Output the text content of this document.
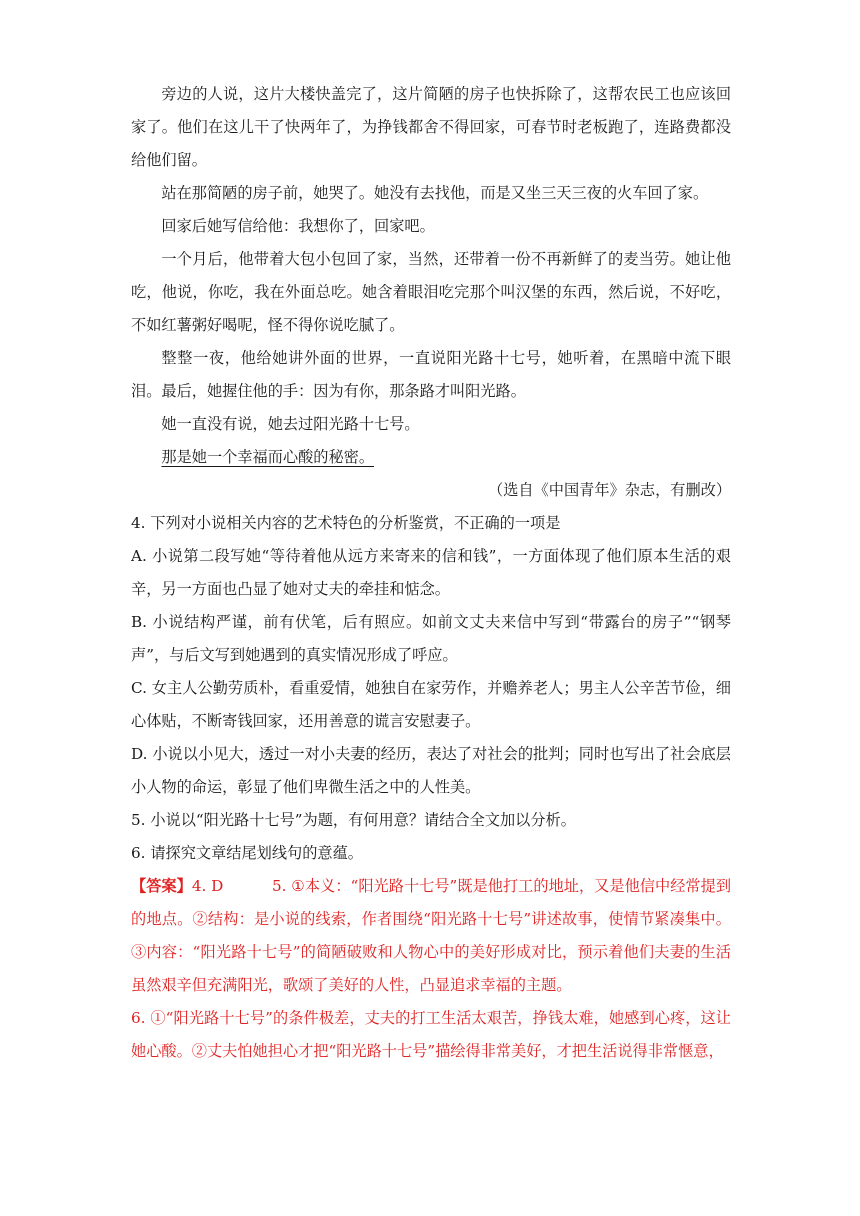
旁边的人说，这片大楼快盖完了，这片简陋的房子也快拆除了，这帮农民工也应该回家了。他们在这儿干了快两年了，为挣钱都舍不得回家，可春节时老板跑了，连路费都没给他们留。

站在那简陋的房子前，她哭了。她没有去找他，而是又坐三天三夜的火车回了家。

回家后她写信给他：我想你了，回家吧。

一个月后，他带着大包小包回了家，当然，还带着一份不再新鲜了的麦当劳。她让他吃，他说，你吃，我在外面总吃。她含着眼泪吃完那个叫汉堡的东西，然后说，不好吃，不如红薯粥好喝呢，怪不得你说吃腻了。

整整一夜，他给她讲外面的世界，一直说阳光路十七号，她听着，在黑暗中流下眼泪。最后，她握住他的手：因为有你，那条路才叫阳光路。

她一直没有说，她去过阳光路十七号。

那是她一个幸福而心酸的秘密。

（选自《中国青年》杂志，有删改）

4. 下列对小说相关内容的艺术特色的分析鉴赏，不正确的一项是

A. 小说第二段写她“等待着他从远方来寄来的信和钱”，一方面体现了他们原本生活的艰辛，另一方面也凸显了她对丈夫的牵挂和惦念。

B. 小说结构严谨，前有伏笔，后有照应。如前文丈夫来信中写到“带露台的房子”“钢琴声”，与后文写到她遇到的真实情况形成了呼应。

C. 女主人公勤劳质朴，看重爱情，她独自在家劳作，并赡养老人；男主人公辛苦节俭，细心体贴，不断寄钱回家，还用善意的谎言安慰妻子。

D. 小说以小见大，透过一对小夫妻的经历，表达了对社会的批判；同时也写出了社会底层小人物的命运，彰显了他们卑微生活之中的人性美。

5. 小说以“阳光路十七号”为题，有何用意？请结合全文加以分析。

6. 请探究文章结尾划线句的意蕴。

【答案】4. D	5. ①本义：“阳光路十七号”既是他打工的地址，又是他信中经常提到的地点。②结构：是小说的线索，作者围绕“阳光路十七号”讲述故事，使情节紧凑集中。③内容：“阳光路十七号”的简陋破败和人物心中的美好形成对比，预示着他们夫妻的生活虽然艰辛但充满阳光，歌颂了美好的人性，凸显追求幸福的主题。

6. ①“阳光路十七号”的条件极差，丈夫的打工生活太艰苦，挣钱太难，她感到心疼，这让她心酸。②丈夫怕她担心才把“阳光路十七号”描绘得非常美好，才把生活说得非常惬意，
